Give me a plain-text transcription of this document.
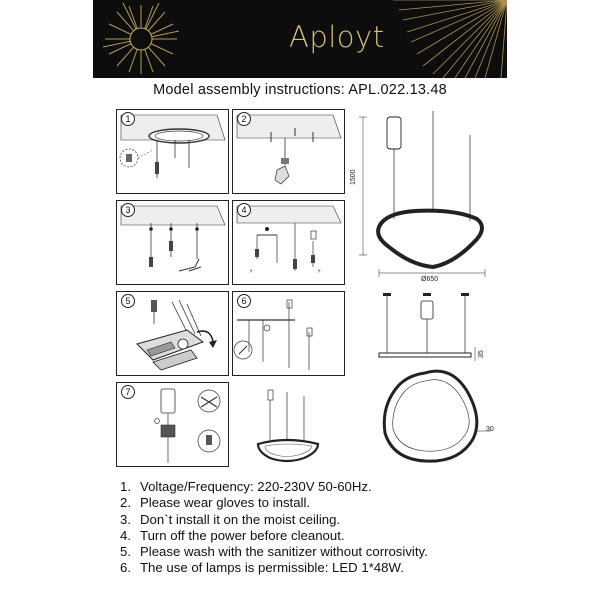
Aployt
Model assembly instructions: APL.022.13.48
1	2
3
⚡	⚡
4
5	6
7
1500
Ø650
35
30
1. Voltage/Frequency: 220-230V 50-60Hz.
2. Please wear gloves to install.
3. Don`t install it on the moist ceiling.
4. Turn off the power before cleanout.
5. Please wash with the sanitizer without corrosivity.
6. The use of lamps is permissible: LED 1*48W.
